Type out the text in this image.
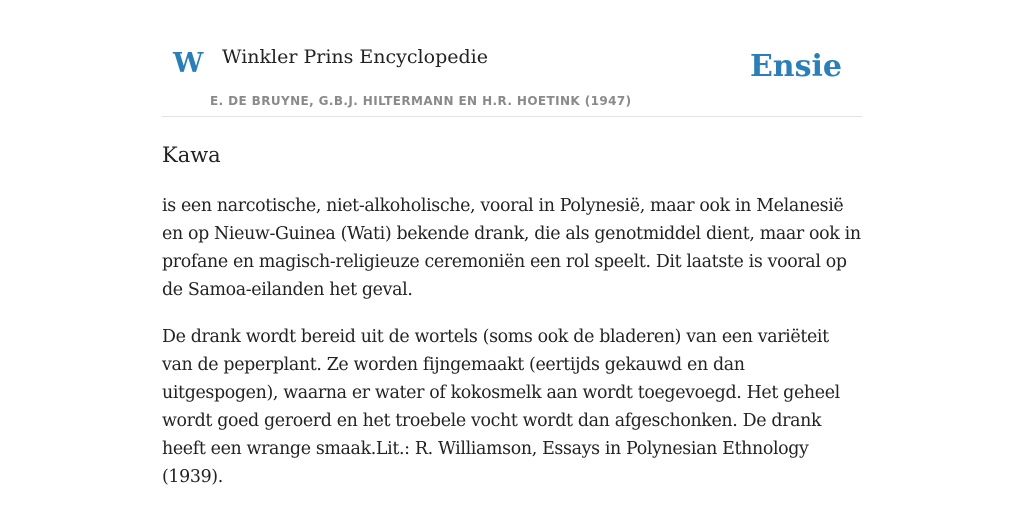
W Winkler Prins Encyclopedie
E. DE BRUYNE, G.B.J. HILTERMANN EN H.R. HOETINK (1947)
Ensie
Kawa

is een narcotische, niet-alkoholische, vooral in Polynesië, maar ook in Melanesië en op Nieuw-Guinea (Wati) bekende drank, die als genotmiddel dient, maar ook in profane en magisch-religieuze ceremoniën een rol speelt. Dit laatste is vooral op de Samoa-eilanden het geval.

De drank wordt bereid uit de wortels (soms ook de bladeren) van een variëteit van de peperplant. Ze worden fijngemaakt (eertijds gekauwd en dan uitgespogen), waarna er water of kokosmelk aan wordt toegevoegd. Het geheel wordt goed geroerd en het troebele vocht wordt dan afgeschonken. De drank heeft een wrange smaak.Lit.: R. Williamson, Essays in Polynesian Ethnology (1939).
